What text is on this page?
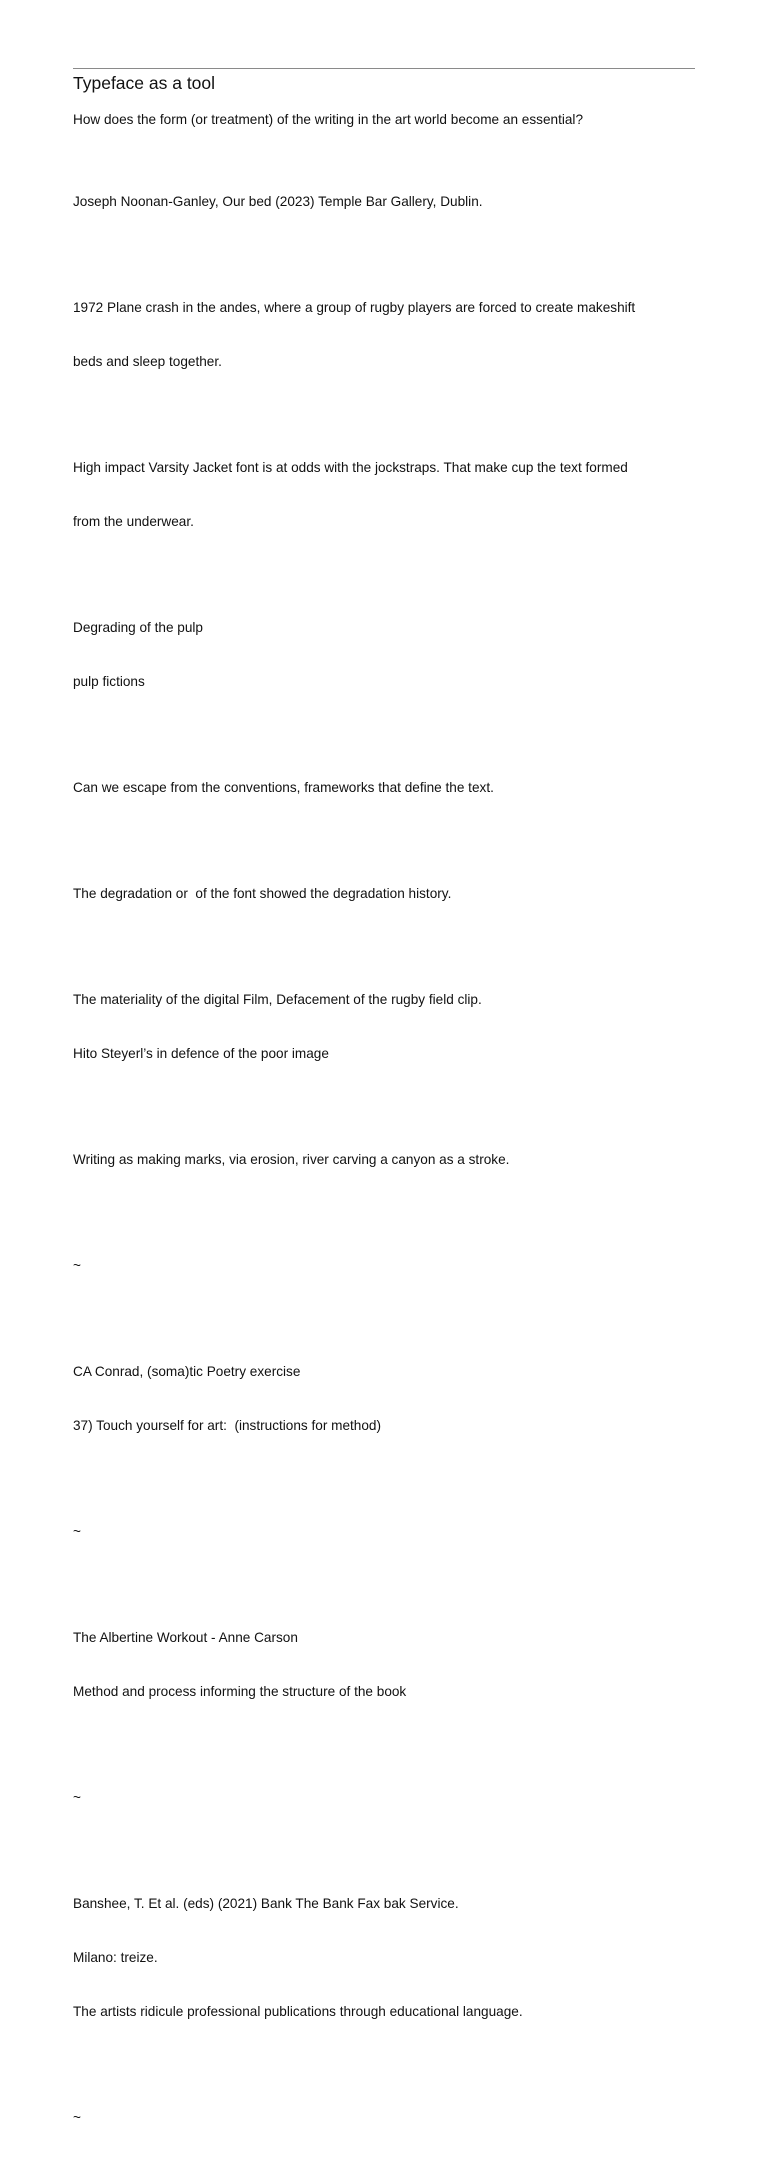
Typeface as a tool

How does the form (or treatment) of the writing in the art world become an essential?

Joseph Noonan-Ganley, Our bed (2023) Temple Bar Gallery, Dublin.

1972 Plane crash in the andes, where a group of rugby players are forced to create makeshift

beds and sleep together.

High impact Varsity Jacket font is at odds with the jockstraps. That make cup the text formed

from the underwear.

Degrading of the pulp

pulp fictions

Can we escape from the conventions, frameworks that define the text.

The degradation or  of the font showed the degradation history.

The materiality of the digital Film, Defacement of the rugby field clip.

Hito Steyerl’s in defence of the poor image

Writing as making marks, via erosion, river carving a canyon as a stroke.

~

CA Conrad, (soma)tic Poetry exercise

37) Touch yourself for art:  (instructions for method)

~

The Albertine Workout - Anne Carson

Method and process informing the structure of the book

~

Banshee, T. Et al. (eds) (2021) Bank The Bank Fax bak Service.

Milano: treize.

The artists ridicule professional publications through educational language.

~
